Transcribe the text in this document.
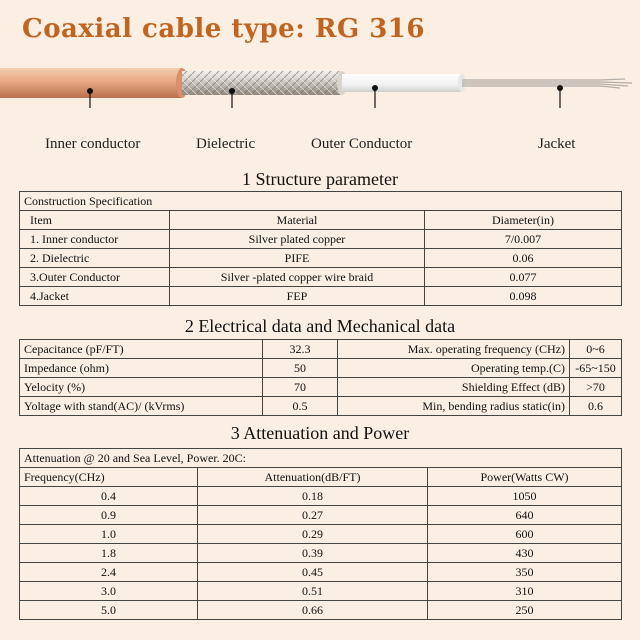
Coaxial cable type: RG 316
Inner conductor	Dielectric	Outer Conductor	Jacket
1 Structure parameter
Construction Specification		
Item	Material	Diameter(in)
1. Inner conductor	Silver plated copper	7/0.007
2. Dielectric	PIFE	0.06
3.Outer Conductor	Silver -plated copper wire braid	0.077
4.Jacket	FEP	0.098
2 Electrical data and Mechanical data
Cepacitance (pF/FT)	32.3	Max. operating frequency (CHz)	0~6
Impedance (ohm)	50	Operating temp.(C)	-65~150
Yelocity (%)	70	Shielding Effect (dB)	>70
Yoltage with stand(AC)/ (kVrms)	0.5	Min, bending radius static(in)	0.6
3 Attenuation and Power
Attenuation @ 20 and Sea Level, Power. 20C:		
Frequency(CHz)	Attenuation(dB/FT)	Power(Watts CW)
0.4	0.18	1050
0.9	0.27	640
1.0	0.29	600
1.8	0.39	430
2.4	0.45	350
3.0	0.51	310
5.0	0.66	250
